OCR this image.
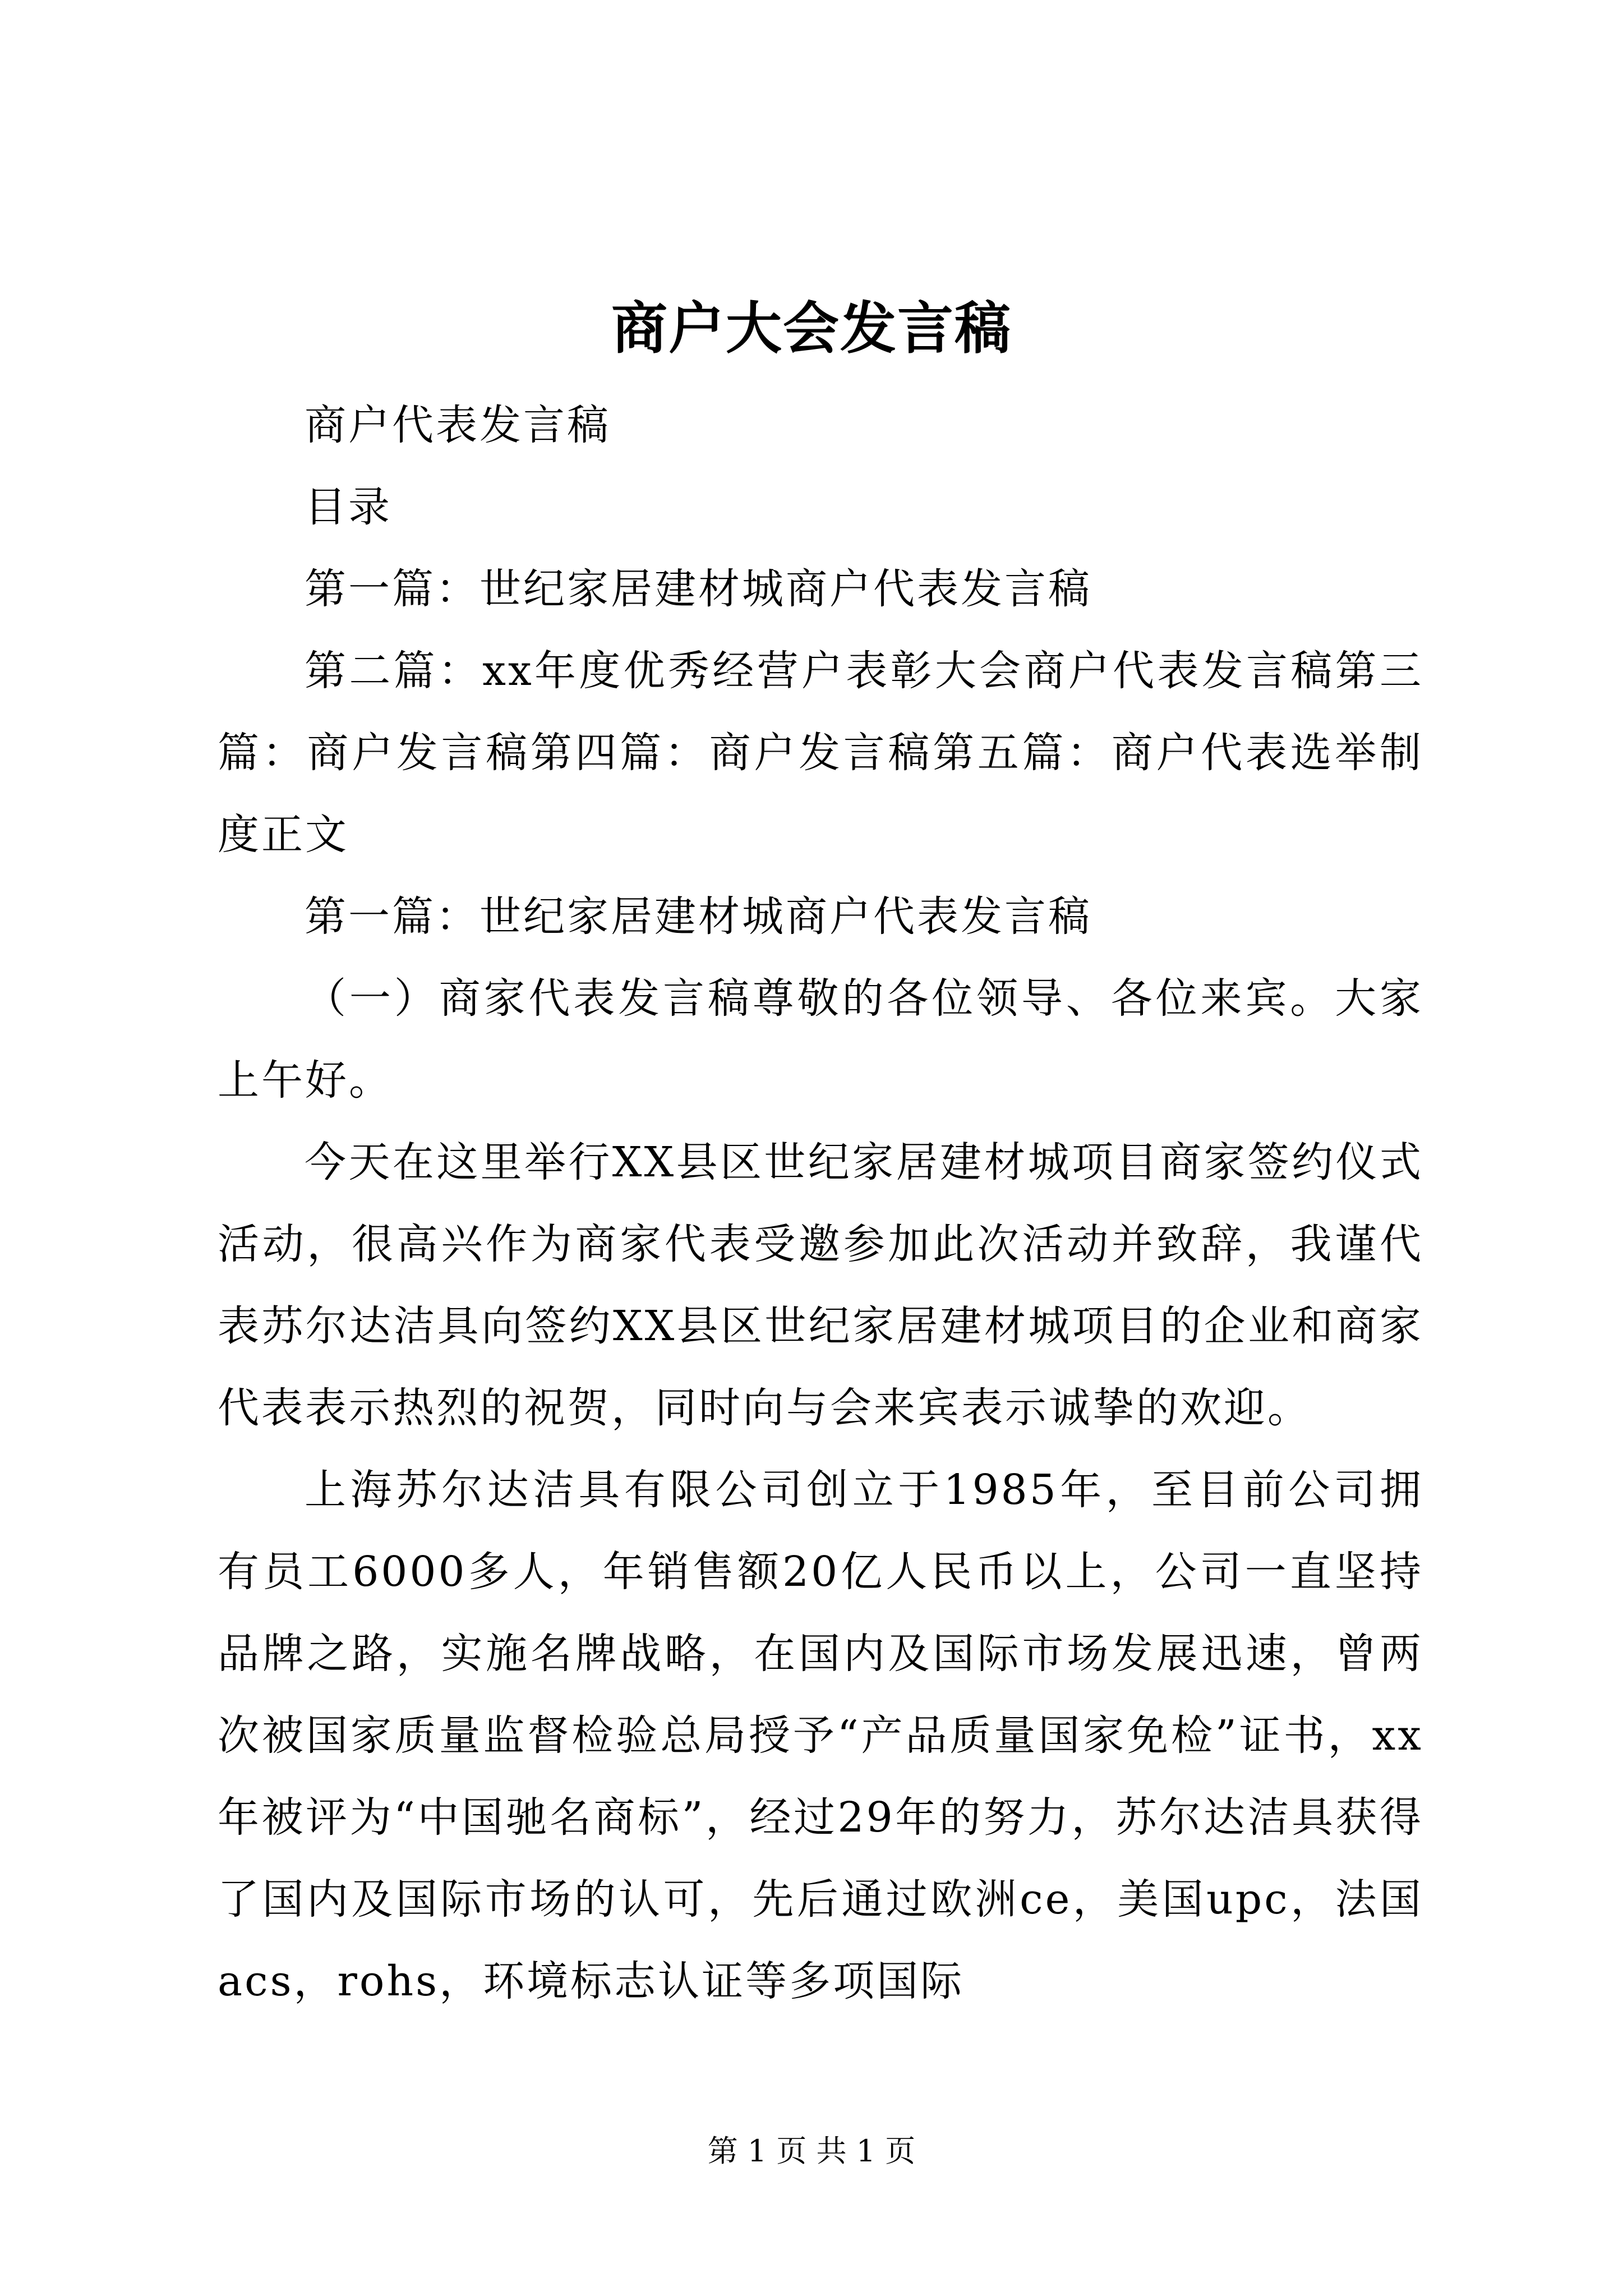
商户大会发言稿

商户代表发言稿

目录

第一篇：世纪家居建材城商户代表发言稿

第二篇：xx年度优秀经营户表彰大会商户代表发言稿第三篇：商户发言稿第四篇：商户发言稿第五篇：商户代表选举制度正文

第一篇：世纪家居建材城商户代表发言稿

（一）商家代表发言稿尊敬的各位领导、各位来宾。大家上午好。

今天在这里举行XX县区世纪家居建材城项目商家签约仪式活动，很高兴作为商家代表受邀参加此次活动并致辞，我谨代表苏尔达洁具向签约XX县区世纪家居建材城项目的企业和商家代表表示热烈的祝贺，同时向与会来宾表示诚挚的欢迎。

上海苏尔达洁具有限公司创立于1985年，至目前公司拥有员工6000多人，年销售额20亿人民币以上，公司一直坚持品牌之路，实施名牌战略，在国内及国际市场发展迅速，曾两次被国家质量监督检验总局授予“产品质量国家免检”证书，xx年被评为“中国驰名商标”，经过29年的努力，苏尔达洁具获得了国内及国际市场的认可，先后通过欧洲ce，美国upc，法国acs，rohs，环境标志认证等多项国际

第 1 页 共 1 页
